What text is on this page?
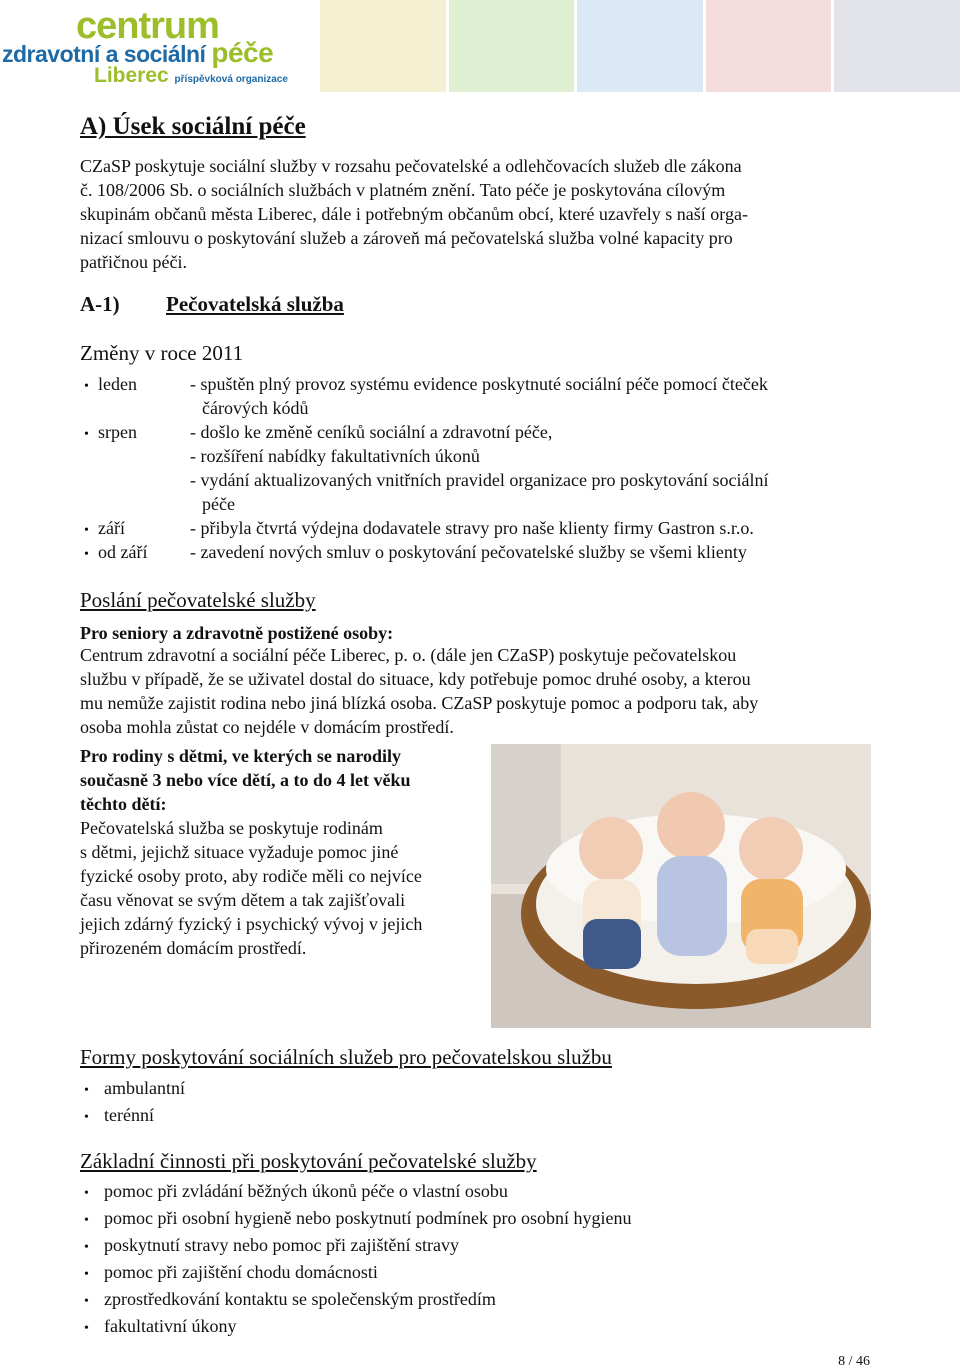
centrum
zdravotní a sociální péče
Liberec příspěvková organizace
A) Úsek sociální péče
CZaSP poskytuje sociální služby v rozsahu pečovatelské a odlehčovacích služeb dle zákona
č. 108/2006 Sb. o sociálních službách v platném znění. Tato péče je poskytována cílovým
skupinám občanů města Liberec, dále i potřebným občanům obcí, které uzavřely s naší orga-
nizací smlouvu o poskytování služeb a zároveň má pečovatelská služba volné kapacity pro
patřičnou péči.
A-1) Pečovatelská služba
Změny v roce 2011
• leden	- spuštěn plný provoz systému evidence poskytnuté sociální péče pomocí čteček
čárových kódů
• srpen	- došlo ke změně ceníků sociální a zdravotní péče,
- rozšíření nabídky fakultativních úkonů
- vydání aktualizovaných vnitřních pravidel organizace pro poskytování sociální
péče
• září	- přibyla čtvrtá výdejna dodavatele stravy pro naše klienty firmy Gastron s.r.o.
• od září	- zavedení nových smluv o poskytování pečovatelské služby se všemi klienty
Poslání pečovatelské služby
Pro seniory a zdravotně postižené osoby:
Centrum zdravotní a sociální péče Liberec, p. o. (dále jen CZaSP) poskytuje pečovatelskou
službu v případě, že se uživatel dostal do situace, kdy potřebuje pomoc druhé osoby, a kterou
mu nemůže zajistit rodina nebo jiná blízká osoba. CZaSP poskytuje pomoc a podporu tak, aby
osoba mohla zůstat co nejdéle v domácím prostředí.
Pro rodiny s dětmi, ve kterých se narodily
současně 3 nebo více dětí, a to do 4 let věku
těchto dětí:
Pečovatelská služba se poskytuje rodinám
s dětmi, jejichž situace vyžaduje pomoc jiné
fyzické osoby proto, aby rodiče měli co nejvíce
času věnovat se svým dětem a tak zajišťovali
jejich zdárný fyzický i psychický vývoj v jejich
přirozeném domácím prostředí.
Formy poskytování sociálních služeb pro pečovatelskou službu
• ambulantní
• terénní
Základní činnosti při poskytování pečovatelské služby
• pomoc při zvládání běžných úkonů péče o vlastní osobu
• pomoc při osobní hygieně nebo poskytnutí podmínek pro osobní hygienu
• poskytnutí stravy nebo pomoc při zajištění stravy
• pomoc při zajištění chodu domácnosti
• zprostředkování kontaktu se společenským prostředím
• fakultativní úkony
8 / 46
